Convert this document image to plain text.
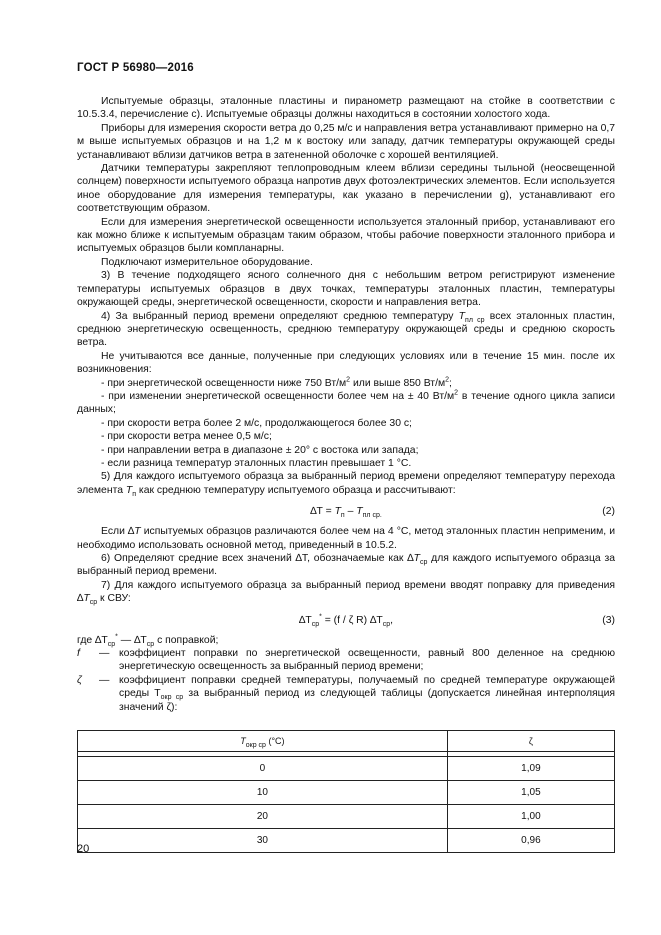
ГОСТ Р 56980—2016

Испытуемые образцы, эталонные пластины и пиранометр размещают на стойке в соответствии с 10.5.3.4, перечисление c). Испытуемые образцы должны находиться в состоянии холостого хода.

Приборы для измерения скорости ветра до 0,25 м/с и направления ветра устанавливают примерно на 0,7 м выше испытуемых образцов и на 1,2 м к востоку или западу, датчик температуры окружающей среды устанавливают вблизи датчиков ветра в затененной оболочке с хорошей вентиляцией.

Датчики температуры закрепляют теплопроводным клеем вблизи середины тыльной (неосвещенной солнцем) поверхности испытуемого образца напротив двух фотоэлектрических элементов. Если используется иное оборудование для измерения температуры, как указано в перечислении g), устанавливают его соответствующим образом.

Если для измерения энергетической освещенности используется эталонный прибор, устанавливают его как можно ближе к испытуемым образцам таким образом, чтобы рабочие поверхности эталонного прибора и испытуемых образцов были компланарны.

Подключают измерительное оборудование.

3) В течение подходящего ясного солнечного дня с небольшим ветром регистрируют изменение температуры испытуемых образцов в двух точках, температуры эталонных пластин, температуры окружающей среды, энергетической освещенности, скорости и направления ветра.

4) За выбранный период времени определяют среднюю температуру $T_{пл ср}$ всех эталонных пластин, среднюю энергетическую освещенность, среднюю температуру окружающей среды и среднюю скорость ветра.

Не учитываются все данные, полученные при следующих условиях или в течение 15 мин. после их возникновения:

- при энергетической освещенности ниже 750 $Вт/м^2$ или выше 850 $Вт/м^2$;

- при изменении энергетической освещенности более чем на ± 40 $Вт/м^2$ в течение одного цикла записи данных;

- при скорости ветра более 2 м/с, продолжающегося более 30 с;

- при скорости ветра менее 0,5 м/с;

- при направлении ветра в диапазоне ± 20° с востока или запада;

- если разница температур эталонных пластин превышает 1 °C.

5) Для каждого испытуемого образца за выбранный период времени определяют температуру перехода элемента $T_п$ как среднюю температуру испытуемого образца и рассчитывают:

$\Delta T = T_п - T_{пл ср.}$	(2)

Если ∆T испытуемых образцов различаются более чем на 4 °C, метод эталонных пластин неприменим, и необходимо использовать основной метод, приведенный в 10.5.2.

6) Определяют средние всех значений ∆T, обозначаемые как $\Delta T_{ср}$ для каждого испытуемого образца за выбранный период времени.

7) Для каждого испытуемого образца за выбранный период времени вводят поправку для приведения $\Delta T_{ср}$ к СВУ:

$\Delta T_{ср}^* = (f / \zeta$ R) $\Delta T_{ср}$,	(3)

где $\Delta T_{ср}^*$ — $\Delta T_{ср}$ с поправкой;

f	— коэффициент поправки по энергетической освещенности, равный 800 деленное на среднюю энергетическую освещенность за выбранный период времени;
ζ	— коэффициент поправки средней температуры, получаемый по средней температуре окружающей среды $T_{окр ср}$ за выбранный период из следующей таблицы (допускается линейная интерполяция значений ζ):
$T_{окр ср}$ (°C)	ζ

0	1,09
10	1,05
20	1,00
30	0,96
20
